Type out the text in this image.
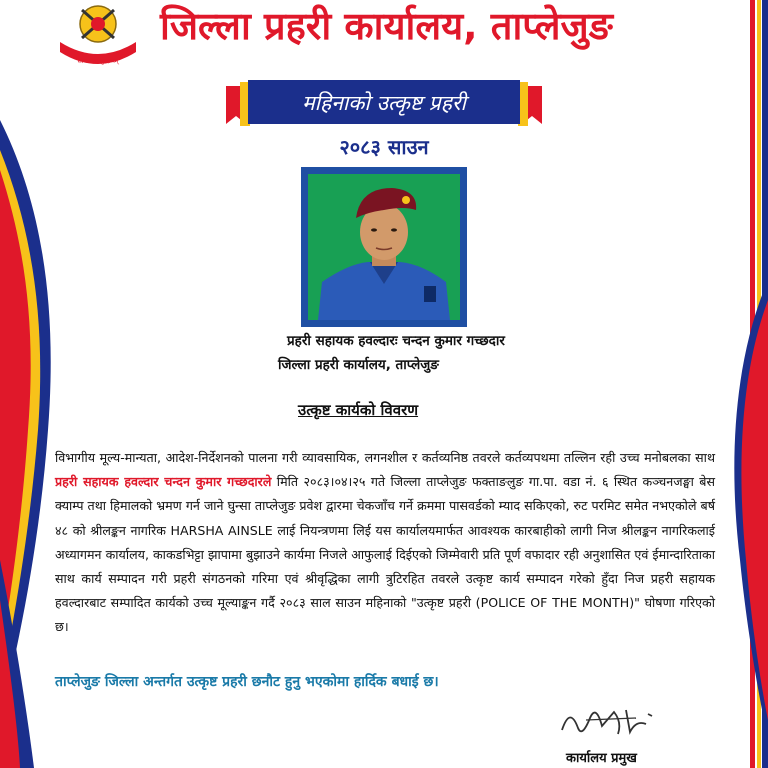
नेपाल प्रहरी
सत्य सेवा सुरक्षणम्
जिल्ला प्रहरी कार्यालय, ताप्लेजुङ
महिनाको उत्कृष्ट प्रहरी
२०८३ साउन
प्रहरी सहायक हवल्दारः चन्दन कुमार गच्छदार
जिल्ला प्रहरी कार्यालय, ताप्लेजुङ
उत्कृष्ट कार्यको विवरण
विभागीय मूल्य-मान्यता, आदेश-निर्देशनको पालना गरी व्यावसायिक, लगनशील र कर्तव्यनिष्ठ तवरले कर्तव्यपथमा तल्लिन रही उच्च मनोबलका साथ प्रहरी सहायक हवल्दार चन्दन कुमार गच्छदारले मिति २०८३।०४।२५ गते जिल्ला ताप्लेजुङ फक्ताङलुङ गा.पा. वडा नं. ६ स्थित कञ्चनजङ्घा बेस क्याम्प तथा हिमालको भ्रमण गर्न जाने घुन्सा ताप्लेजुङ प्रवेश द्वारमा चेकजाँच गर्ने क्रममा पासवर्डको म्याद सकिएको, रुट परमिट समेत नभएकोले बर्ष ४८ को श्रीलङ्कन नागरिक HARSHA AINSLE लाई नियन्त्रणमा लिई यस कार्यालयमार्फत आवश्यक कारबाहीको लागी निज श्रीलङ्कन नागरिकलाई अध्यागमन कार्यालय, काकडभिट्टा झापामा बुझाउने कार्यमा निजले आफुलाई दिईएको जिम्मेवारी प्रति पूर्ण वफादार रही अनुशासित एवं ईमान्दारिताका साथ कार्य सम्पादन गरी प्रहरी संगठनको गरिमा एवं श्रीवृद्धिका लागी त्रुटिरहित तवरले उत्कृष्ट कार्य सम्पादन गरेको हुँदा निज प्रहरी सहायक हवल्दारबाट सम्पादित कार्यको उच्च मूल्याङ्कन गर्दै २०८३ साल साउन महिनाको "उत्कृष्ट प्रहरी (POLICE OF THE MONTH)" घोषणा गरिएको छ।
ताप्लेजुङ जिल्ला अन्तर्गत उत्कृष्ट प्रहरी छनौट हुनु भएकोमा हार्दिक बधाई छ।
कार्यालय प्रमुख
